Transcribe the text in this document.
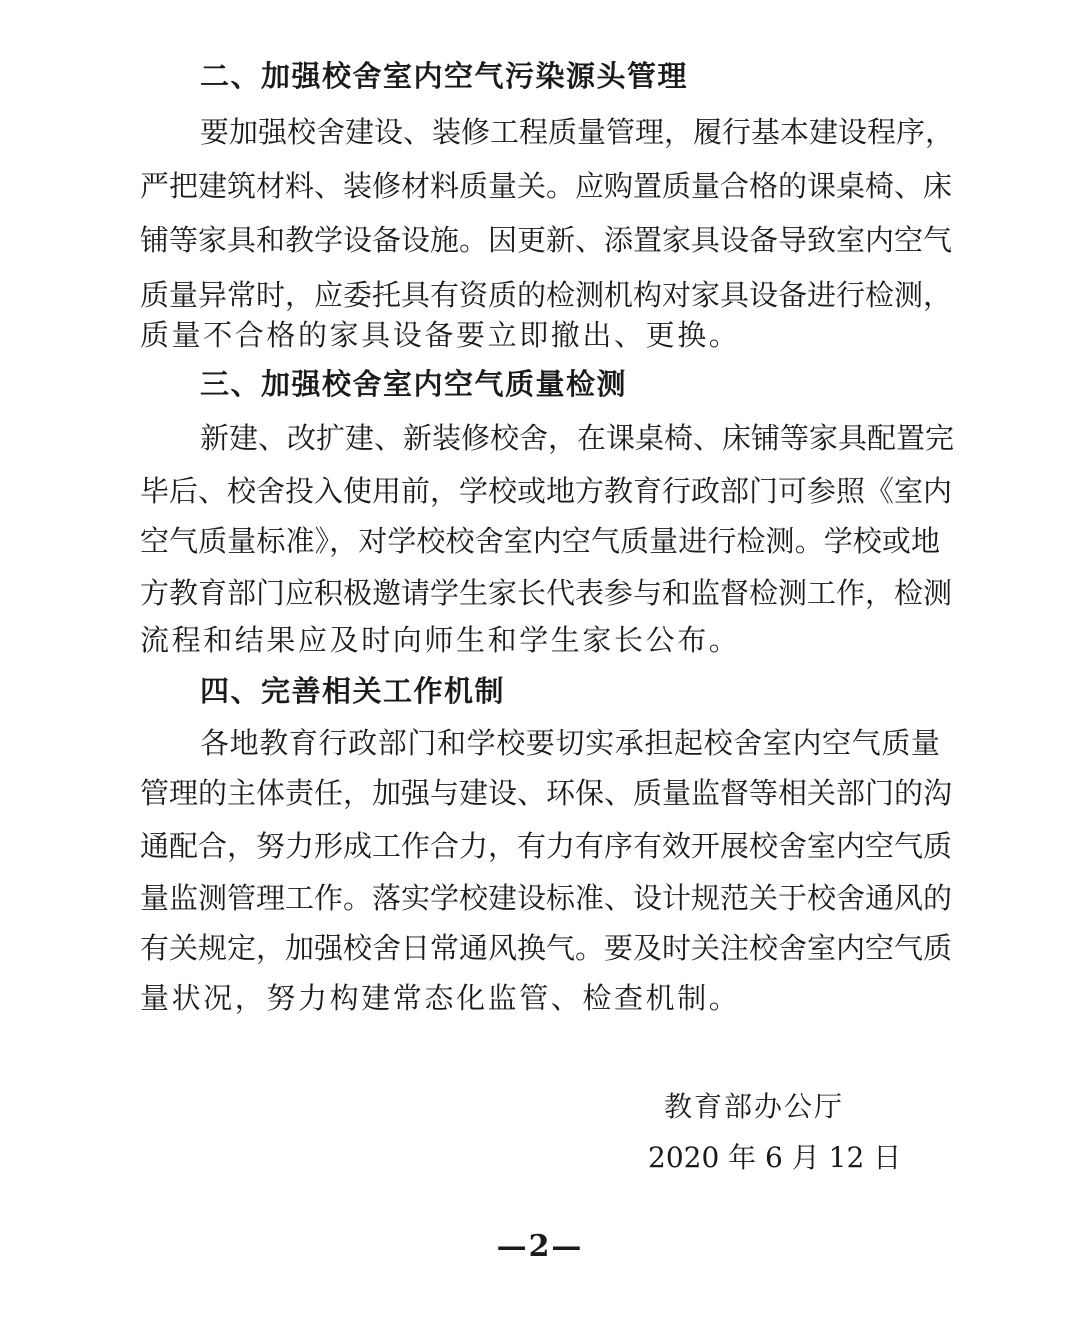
二、加强校舍室内空气污染源头管理
要加强校舍建设、装修工程质量管理，履行基本建设程序，
严把建筑材料、装修材料质量关。应购置质量合格的课桌椅、床
铺等家具和教学设备设施。因更新、添置家具设备导致室内空气
质量异常时，应委托具有资质的检测机构对家具设备进行检测，
质量不合格的家具设备要立即撤出、更换。
三、加强校舍室内空气质量检测
新建、改扩建、新装修校舍，在课桌椅、床铺等家具配置完
毕后、校舍投入使用前，学校或地方教育行政部门可参照《室内
空气质量标准》，对学校校舍室内空气质量进行检测。学校或地
方教育部门应积极邀请学生家长代表参与和监督检测工作，检测
流程和结果应及时向师生和学生家长公布。
四、完善相关工作机制
各地教育行政部门和学校要切实承担起校舍室内空气质量
管理的主体责任，加强与建设、环保、质量监督等相关部门的沟
通配合，努力形成工作合力，有力有序有效开展校舍室内空气质
量监测管理工作。落实学校建设标准、设计规范关于校舍通风的
有关规定，加强校舍日常通风换气。要及时关注校舍室内空气质
量状况，努力构建常态化监管、检查机制。
教育部办公厅
2020 年 6 月 12 日
—2—
